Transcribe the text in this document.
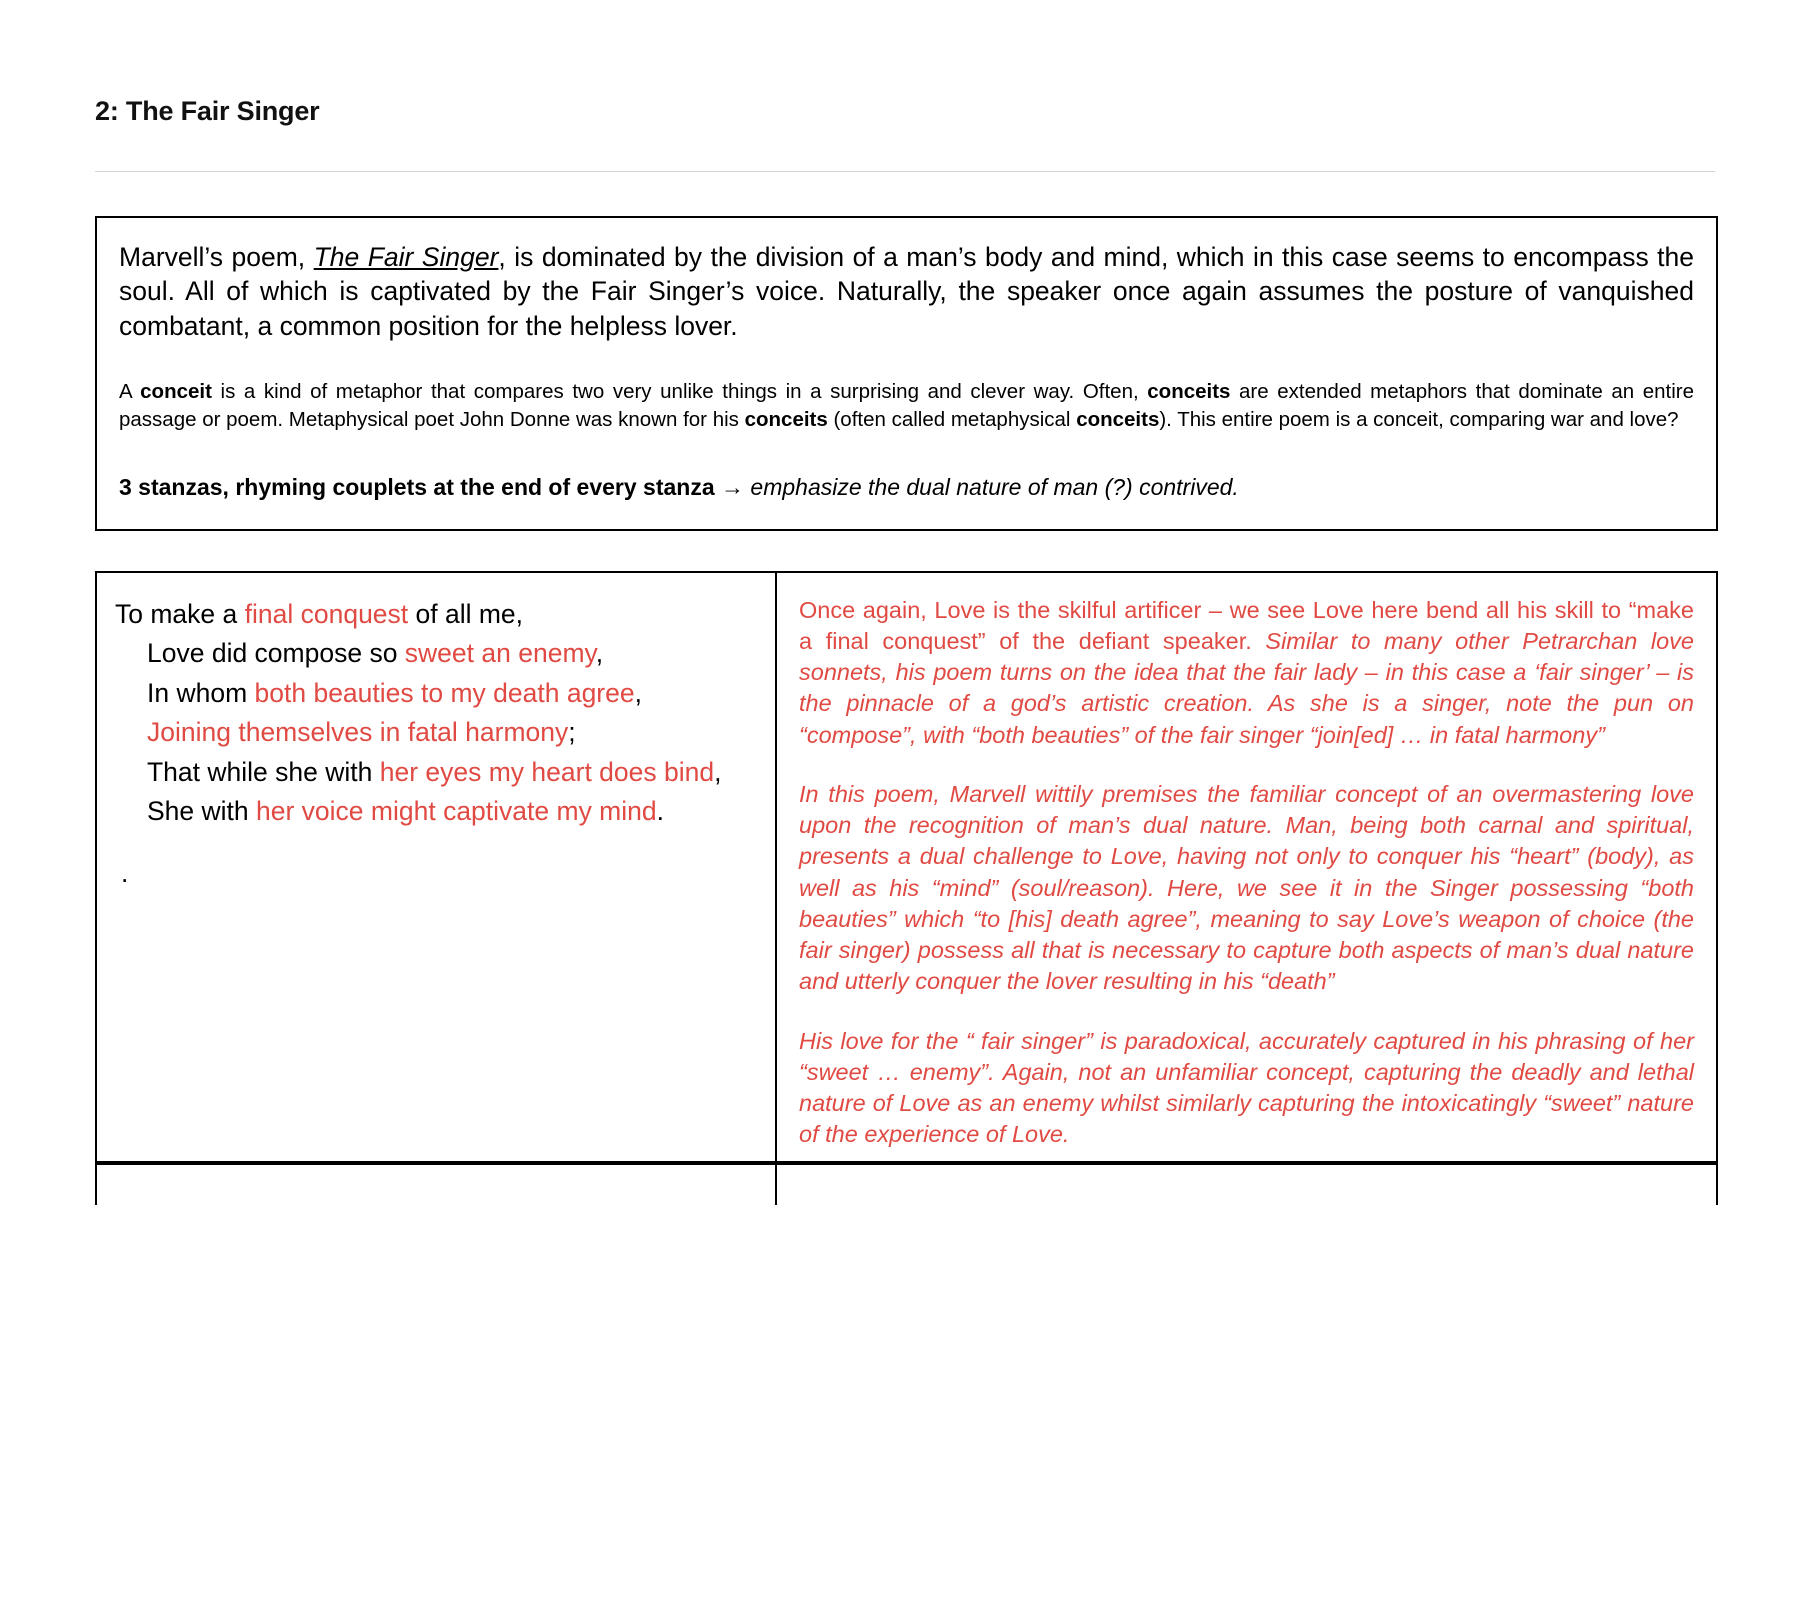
2: The Fair Singer

Marvell’s poem, The Fair Singer, is dominated by the division of a man’s body and mind, which in this case seems to encompass the soul. All of which is captivated by the Fair Singer’s voice. Naturally, the speaker once again assumes the posture of vanquished combatant, a common position for the helpless lover.

A conceit is a kind of metaphor that compares two very unlike things in a surprising and clever way. Often, conceits are extended metaphors that dominate an entire passage or poem. Metaphysical poet John Donne was known for his conceits (often called metaphysical conceits). This entire poem is a conceit, comparing war and love?

3 stanzas, rhyming couplets at the end of every stanza → emphasize the dual nature of man (?) contrived.

To make a final conquest of all me,

Love did compose so sweet an enemy,

In whom both beauties to my death agree,

Joining themselves in fatal harmony;

That while she with her eyes my heart does bind,

She with her voice might captivate my mind.

.

Once again, Love is the skilful artificer – we see Love here bend all his skill to “make a final conquest” of the defiant speaker. Similar to many other Petrarchan love sonnets, his poem turns on the idea that the fair lady – in this case a ‘fair singer’ – is the pinnacle of a god’s artistic creation. As she is a singer, note the pun on “compose”, with “both beauties” of the fair singer “join[ed] … in fatal harmony”

In this poem, Marvell wittily premises the familiar concept of an overmastering love upon the recognition of man’s dual nature. Man, being both carnal and spiritual, presents a dual challenge to Love, having not only to conquer his “heart” (body), as well as his “mind” (soul/reason). Here, we see it in the Singer possessing “both beauties” which “to [his] death agree”, meaning to say Love’s weapon of choice (the fair singer) possess all that is necessary to capture both aspects of man’s dual nature and utterly conquer the lover resulting in his “death”

His love for the “ fair singer” is paradoxical, accurately captured in his phrasing of her “sweet … enemy”. Again, not an unfamiliar concept, capturing the deadly and lethal nature of Love as an enemy whilst similarly capturing the intoxicatingly “sweet” nature of the experience of Love.
